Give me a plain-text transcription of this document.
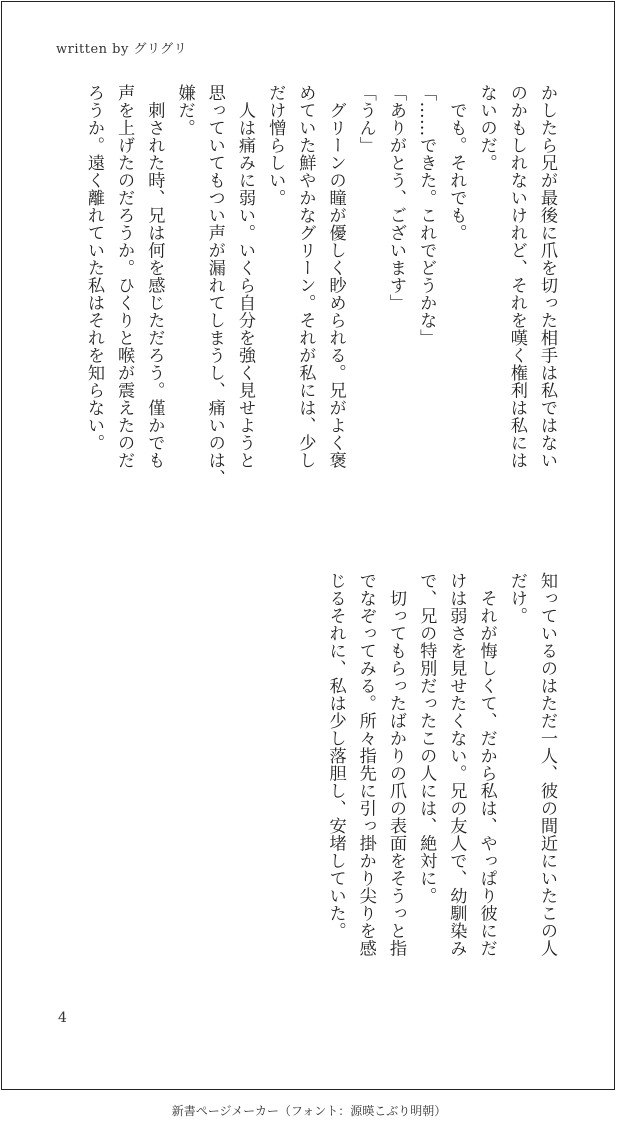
written by グリグリ
かしたら兄が最後に爪を切った相手は私ではない
のかもしれないけれど、それを嘆く権利は私には
ないのだ。
　でも。それでも。
「……できた。これでどうかな」
「ありがとう、ございます」
「うん」
　グリーンの瞳が優しく眇められる。兄がよく褒
めていた鮮やかなグリーン。それが私には、少し
だけ憎らしい。
　人は痛みに弱い。いくら自分を強く見せようと
思っていてもつい声が漏れてしまうし、痛いのは、
嫌だ。
　刺された時、兄は何を感じただろう。僅かでも
声を上げたのだろうか。ひくりと喉が震えたのだ
ろうか。遠く離れていた私はそれを知らない。
知っているのはただ一人、彼の間近にいたこの人
だけ。
　それが悔しくて、だから私は、やっぱり彼にだ
けは弱さを見せたくない。兄の友人で、幼馴染み
で、兄の特別だったこの人には、絶対に。
　切ってもらったばかりの爪の表面をそうっと指
でなぞってみる。所々指先に引っ掛かり尖りを感
じるそれに、私は少し落胆し、安堵していた。
4
新書ページメーカー（フォント：源暎こぶり明朝）
